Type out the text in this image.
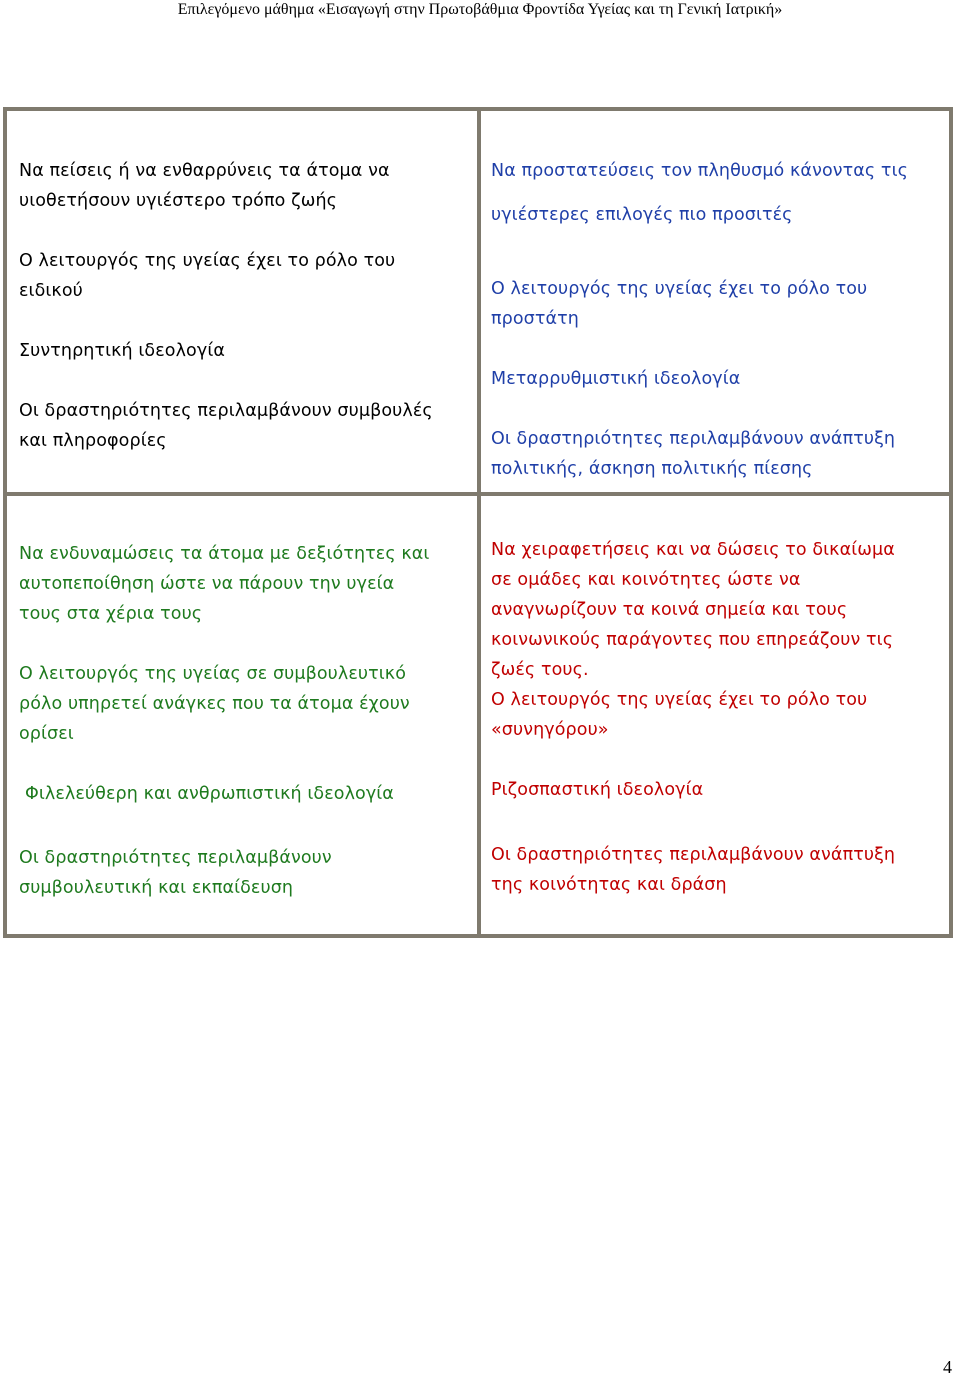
Επιλεγόμενο μάθημα «Εισαγωγή στην Πρωτοβάθμια Φροντίδα Υγείας και τη Γενική Ιατρική»

Να πείσεις ή να ενθαρρύνεις τα άτομα να

υιοθετήσουν υγιέστερο τρόπο ζωής

Ο λειτουργός της υγείας έχει το ρόλο του

ειδικού

Συντηρητική ιδεολογία

Οι δραστηριότητες περιλαμβάνουν συμβουλές

και πληροφορίες

Να προστατεύσεις τον πληθυσμό κάνοντας τις

υγιέστερες επιλογές πιο προσιτές

Ο λειτουργός της υγείας έχει το ρόλο του

προστάτη

Μεταρρυθμιστική ιδεολογία

Οι δραστηριότητες περιλαμβάνουν ανάπτυξη

πολιτικής, άσκηση πολιτικής πίεσης

Να ενδυναμώσεις τα άτομα με δεξιότητες και

αυτοπεποίθηση ώστε να πάρουν την υγεία

τους στα χέρια τους

Ο λειτουργός της υγείας σε συμβουλευτικό

ρόλο υπηρετεί ανάγκες που τα άτομα έχουν

ορίσει

Φιλελεύθερη και ανθρωπιστική ιδεολογία

Οι δραστηριότητες περιλαμβάνουν

συμβουλευτική και εκπαίδευση

Να χειραφετήσεις και να δώσεις το δικαίωμα

σε ομάδες και κοινότητες ώστε να

αναγνωρίζουν τα κοινά σημεία και τους

κοινωνικούς παράγοντες που επηρεάζουν τις

ζωές τους.

Ο λειτουργός της υγείας έχει το ρόλο του

«συνηγόρου»

Ριζοσπαστική ιδεολογία

Οι δραστηριότητες περιλαμβάνουν ανάπτυξη

της κοινότητας και δράση

4
